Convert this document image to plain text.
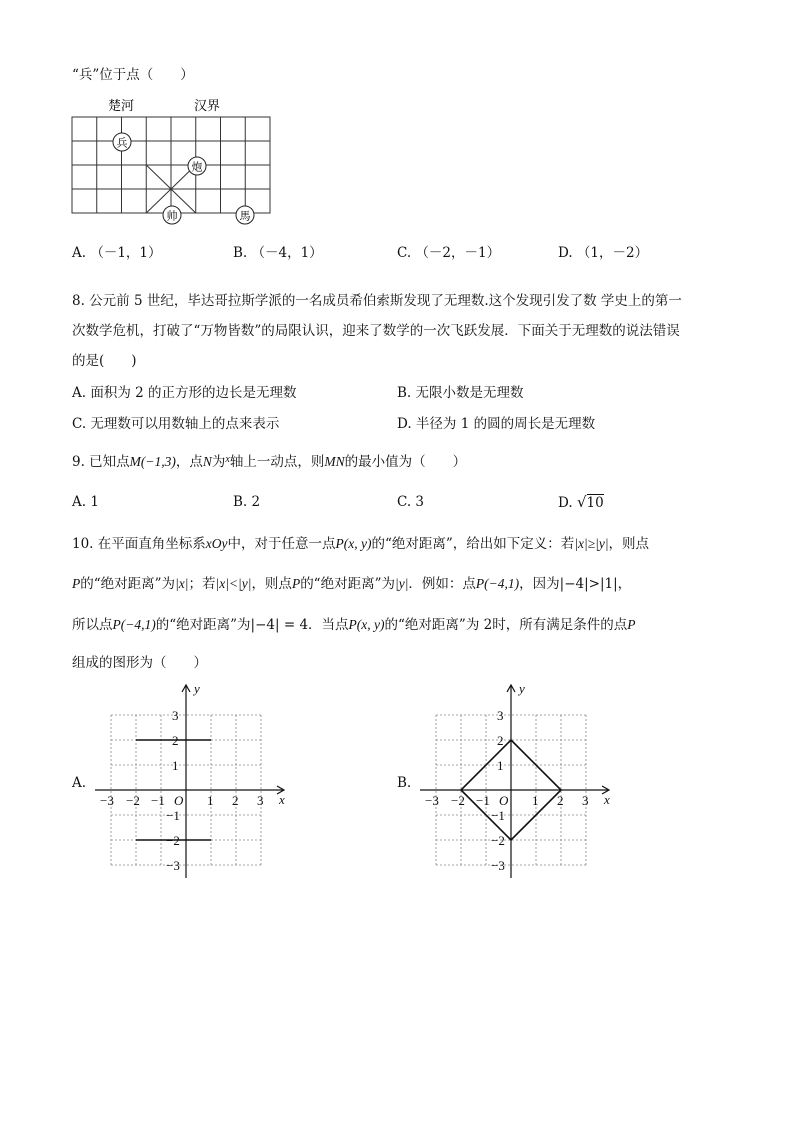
“兵”位于点（　　）
楚河	汉界
兵
炮
帅	馬
A. （－1，1）	B. （－4，1）	C. （－2，－1）	D. （1，－2）
8. 公元前 5 世纪，毕达哥拉斯学派的一名成员希伯索斯发现了无理数.这个发现引发了数 学史上的第一
次数学危机，打破了“万物皆数”的局限认识，迎来了数学的一次飞跃发展．下面关于无理数的说法错误
的是(　　)
A. 面积为 2 的正方形的边长是无理数	B. 无限小数是无理数
C. 无理数可以用数轴上的点来表示	D. 半径为 1 的圆的周长是无理数
9. 已知点M(−1,3)，点N为$^x$轴上一动点，则MN的最小值为（　　）
A. 1	B. 2	C. 3	D. √10
10. 在平面直角坐标系xOy中，对于任意一点P(x, y)的“绝对距离”，给出如下定义：若|x|≥|y|，则点
P的“绝对距离”为|x|；若|x|<|y|，则点P的“绝对距离”为|y|．例如：点P(−4,1)，因为|−4|>|1|，
所以点P(−4,1)的“绝对距离”为|−4| = 4．当点P(x, y)的“绝对距离”为 2时，所有满足条件的点P
组成的图形为（　　）
A.
x
y
O
−3 −2 −1	1 2 3
3
2
1
−1
−2
−3
B.
x
y
O
−3 −2 −1	1 2 3
3
2
1
−1
−2
−3
